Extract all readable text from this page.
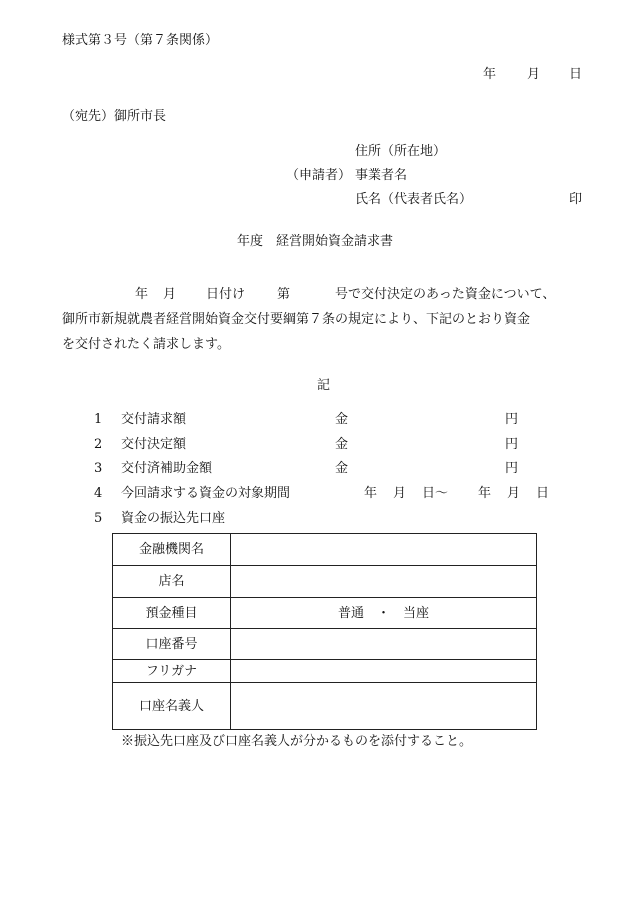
様式第３号（第７条関係）
年 月 日
（宛先）御所市長
住所（所在地）
（申請者） 事業者名
氏名（代表者氏名）	印
年度　経営開始資金請求書
年 月 日付け 第	号で交付決定のあった資金について、
御所市新規就農者経営開始資金交付要綱第７条の規定により、下記のとおり資金
を交付されたく請求します。
記
1 交付請求額	金	円
2 交付決定額	金	円
3 交付済補助金額	金	円
4 今回請求する資金の対象期間	年 月 日～ 年 月 日
5 資金の振込先口座
金融機関名
店名
預金種目	普通　・　当座
口座番号
フリガナ
口座名義人
※振込先口座及び口座名義人が分かるものを添付すること。
